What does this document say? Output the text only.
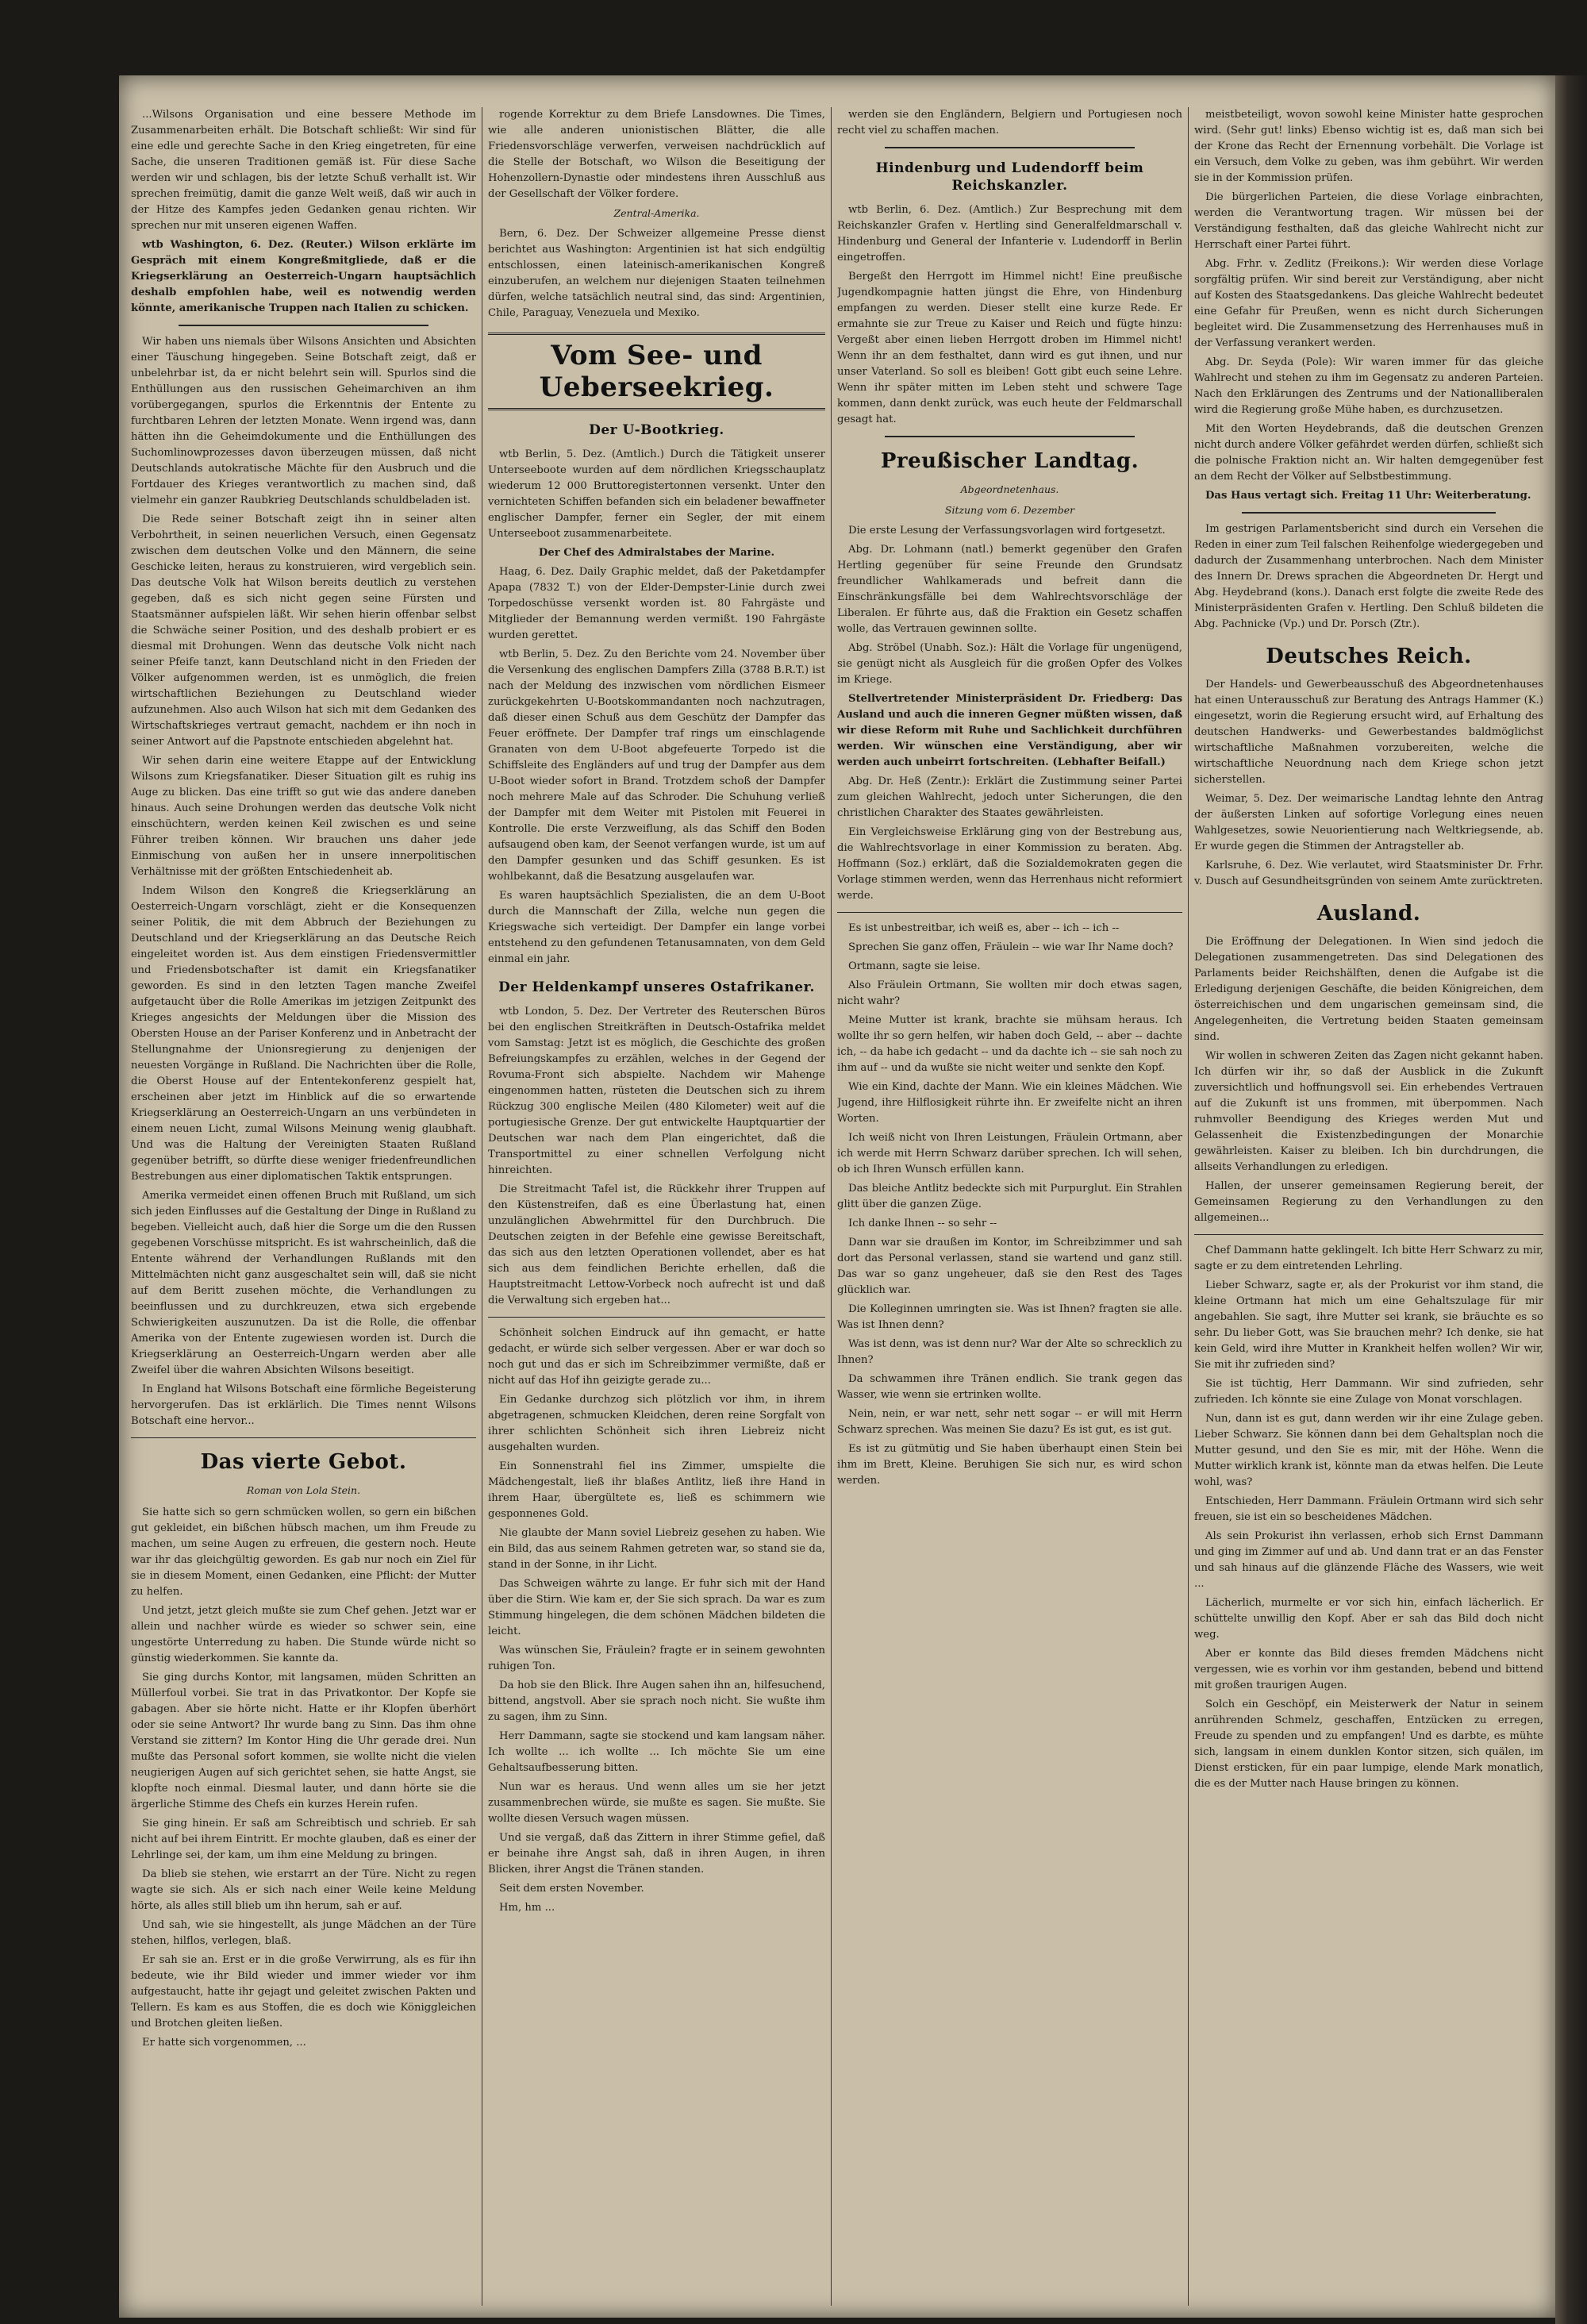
...Wilsons Organisation und eine bessere Methode im Zusammenarbeiten erhält. Die Botschaft schließt: Wir sind für eine edle und gerechte Sache in den Krieg eingetreten, für eine Sache, die unseren Traditionen gemäß ist. Für diese Sache werden wir und schlagen, bis der letzte Schuß verhallt ist. Wir sprechen freimütig, damit die ganze Welt weiß, daß wir auch in der Hitze des Kampfes jeden Gedanken genau richten. Wir sprechen nur mit unseren eigenen Waffen.

wtb Washington, 6. Dez. (Reuter.) Wilson erklärte im Gespräch mit einem Kongreßmitgliede, daß er die Kriegserklärung an Oesterreich-Ungarn hauptsächlich deshalb empfohlen habe, weil es notwendig werden könnte, amerikanische Truppen nach Italien zu schicken.

Wir haben uns niemals über Wilsons Ansichten und Absichten einer Täuschung hingegeben. Seine Botschaft zeigt, daß er unbelehrbar ist, da er nicht belehrt sein will. Spurlos sind die Enthüllungen aus den russischen Geheimarchiven an ihm vorübergegangen, spurlos die Erkenntnis der Entente zu furchtbaren Lehren der letzten Monate. Wenn irgend was, dann hätten ihn die Geheimdokumente und die Enthüllungen des Suchomlinowprozesses davon überzeugen müssen, daß nicht Deutschlands autokratische Mächte für den Ausbruch und die Fortdauer des Krieges verantwortlich zu machen sind, daß vielmehr ein ganzer Raubkrieg Deutschlands schuldbeladen ist.

Die Rede seiner Botschaft zeigt ihn in seiner alten Verbohrtheit, in seinen neuerlichen Versuch, einen Gegensatz zwischen dem deutschen Volke und den Männern, die seine Geschicke leiten, heraus zu konstruieren, wird vergeblich sein. Das deutsche Volk hat Wilson bereits deutlich zu verstehen gegeben, daß es sich nicht gegen seine Fürsten und Staatsmänner aufspielen läßt. Wir sehen hierin offenbar selbst die Schwäche seiner Position, und des deshalb probiert er es diesmal mit Drohungen. Wenn das deutsche Volk nicht nach seiner Pfeife tanzt, kann Deutschland nicht in den Frieden der Völker aufgenommen werden, ist es unmöglich, die freien wirtschaftlichen Beziehungen zu Deutschland wieder aufzunehmen. Also auch Wilson hat sich mit dem Gedanken des Wirtschaftskrieges vertraut gemacht, nachdem er ihn noch in seiner Antwort auf die Papstnote entschieden abgelehnt hat.

Wir sehen darin eine weitere Etappe auf der Entwicklung Wilsons zum Kriegsfanatiker. Dieser Situation gilt es ruhig ins Auge zu blicken. Das eine trifft so gut wie das andere daneben hinaus. Auch seine Drohungen werden das deutsche Volk nicht einschüchtern, werden keinen Keil zwischen es und seine Führer treiben können. Wir brauchen uns daher jede Einmischung von außen her in unsere innerpolitischen Verhältnisse mit der größten Entschiedenheit ab.

Indem Wilson den Kongreß die Kriegserklärung an Oesterreich-Ungarn vorschlägt, zieht er die Konsequenzen seiner Politik, die mit dem Abbruch der Beziehungen zu Deutschland und der Kriegserklärung an das Deutsche Reich eingeleitet worden ist. Aus dem einstigen Friedensvermittler und Friedensbotschafter ist damit ein Kriegsfanatiker geworden. Es sind in den letzten Tagen manche Zweifel aufgetaucht über die Rolle Amerikas im jetzigen Zeitpunkt des Krieges angesichts der Meldungen über die Mission des Obersten House an der Pariser Konferenz und in Anbetracht der Stellungnahme der Unionsregierung zu denjenigen der neuesten Vorgänge in Rußland. Die Nachrichten über die Rolle, die Oberst House auf der Ententekonferenz gespielt hat, erscheinen aber jetzt im Hinblick auf die so erwartende Kriegserklärung an Oesterreich-Ungarn an uns verbündeten in einem neuen Licht, zumal Wilsons Meinung wenig glaubhaft. Und was die Haltung der Vereinigten Staaten Rußland gegenüber betrifft, so dürfte diese weniger friedenfreundlichen Bestrebungen aus einer diplomatischen Taktik entsprungen.

Amerika vermeidet einen offenen Bruch mit Rußland, um sich sich jeden Einflusses auf die Gestaltung der Dinge in Rußland zu begeben. Vielleicht auch, daß hier die Sorge um die den Russen gegebenen Vorschüsse mitspricht. Es ist wahrscheinlich, daß die Entente während der Verhandlungen Rußlands mit den Mittelmächten nicht ganz ausgeschaltet sein will, daß sie nicht auf dem Beritt zusehen möchte, die Verhandlungen zu beeinflussen und zu durchkreuzen, etwa sich ergebende Schwierigkeiten auszunutzen. Da ist die Rolle, die offenbar Amerika von der Entente zugewiesen worden ist. Durch die Kriegserklärung an Oesterreich-Ungarn werden aber alle Zweifel über die wahren Absichten Wilsons beseitigt.

In England hat Wilsons Botschaft eine förmliche Begeisterung hervorgerufen. Das ist erklärlich. Die Times nennt Wilsons Botschaft eine hervor...

Das vierte Gebot.
Roman von Lola Stein.

Sie hatte sich so gern schmücken wollen, so gern ein bißchen gut gekleidet, ein bißchen hübsch machen, um ihm Freude zu machen, um seine Augen zu erfreuen, die gestern noch. Heute war ihr das gleichgültig geworden. Es gab nur noch ein Ziel für sie in diesem Moment, einen Gedanken, eine Pflicht: der Mutter zu helfen.

Und jetzt, jetzt gleich mußte sie zum Chef gehen. Jetzt war er allein und nachher würde es wieder so schwer sein, eine ungestörte Unterredung zu haben. Die Stunde würde nicht so günstig wiederkommen. Sie kannte da.

Sie ging durchs Kontor, mit langsamen, müden Schritten an Müllerfoul vorbei. Sie trat in das Privatkontor. Der Kopfe sie gabagen. Aber sie hörte nicht. Hatte er ihr Klopfen überhört oder sie seine Antwort? Ihr wurde bang zu Sinn. Das ihm ohne Verstand sie zittern? Im Kontor Hing die Uhr gerade drei. Nun mußte das Personal sofort kommen, sie wollte nicht die vielen neugierigen Augen auf sich gerichtet sehen, sie hatte Angst, sie klopfte noch einmal. Diesmal lauter, und dann hörte sie die ärgerliche Stimme des Chefs ein kurzes Herein rufen.

Sie ging hinein. Er saß am Schreibtisch und schrieb. Er sah nicht auf bei ihrem Eintritt. Er mochte glauben, daß es einer der Lehrlinge sei, der kam, um ihm eine Meldung zu bringen.

Da blieb sie stehen, wie erstarrt an der Türe. Nicht zu regen wagte sie sich. Als er sich nach einer Weile keine Meldung hörte, als alles still blieb um ihn herum, sah er auf.

Und sah, wie sie hingestellt, als junge Mädchen an der Türe stehen, hilflos, verlegen, blaß.

Er sah sie an. Erst er in die große Verwirrung, als es für ihn bedeute, wie ihr Bild wieder und immer wieder vor ihm aufgestaucht, hatte ihr gejagt und geleitet zwischen Pakten und Tellern. Es kam es aus Stoffen, die es doch wie Königgleichen und Brotchen gleiten ließen.

Er hatte sich vorgenommen, ...

rogende Korrektur zu dem Briefe Lansdownes. Die Times, wie alle anderen unionistischen Blätter, die alle Friedensvorschläge verwerfen, verweisen nachdrücklich auf die Stelle der Botschaft, wo Wilson die Beseitigung der Hohenzollern-Dynastie oder mindestens ihren Ausschluß aus der Gesellschaft der Völker fordere.

Zentral-Amerika.

Bern, 6. Dez. Der Schweizer allgemeine Presse dienst berichtet aus Washington: Argentinien ist hat sich endgültig entschlossen, einen lateinisch-amerikanischen Kongreß einzuberufen, an welchem nur diejenigen Staaten teilnehmen dürfen, welche tatsächlich neutral sind, das sind: Argentinien, Chile, Paraguay, Venezuela und Mexiko.

Vom See- und Ueberseekrieg.
Der U-Bootkrieg.

wtb Berlin, 5. Dez. (Amtlich.) Durch die Tätigkeit unserer Unterseeboote wurden auf dem nördlichen Kriegsschauplatz wiederum 12 000 Bruttoregistertonnen versenkt. Unter den vernichteten Schiffen befanden sich ein beladener bewaffneter englischer Dampfer, ferner ein Segler, der mit einem Unterseeboot zusammenarbeitete.

Der Chef des Admiralstabes der Marine.

Haag, 6. Dez. Daily Graphic meldet, daß der Paketdampfer Apapa (7832 T.) von der Elder-Dempster-Linie durch zwei Torpedoschüsse versenkt worden ist. 80 Fahrgäste und Mitglieder der Bemannung werden vermißt. 190 Fahrgäste wurden gerettet.

wtb Berlin, 5. Dez. Zu den Berichte vom 24. November über die Versenkung des englischen Dampfers Zilla (3788 B.R.T.) ist nach der Meldung des inzwischen vom nördlichen Eismeer zurückgekehrten U-Bootskommandanten noch nachzutragen, daß dieser einen Schuß aus dem Geschütz der Dampfer das Feuer eröffnete. Der Dampfer traf rings um einschlagende Granaten von dem U-Boot abgefeuerte Torpedo ist die Schiffsleite des Engländers auf und trug der Dampfer aus dem U-Boot wieder sofort in Brand. Trotzdem schoß der Dampfer noch mehrere Male auf das Schroder. Die Schuhung verließ der Dampfer mit dem Weiter mit Pistolen mit Feuerei in Kontrolle. Die erste Verzweiflung, als das Schiff den Boden aufsaugend oben kam, der Seenot verfangen wurde, ist um auf den Dampfer gesunken und das Schiff gesunken. Es ist wohlbekannt, daß die Besatzung ausgelaufen war.

Es waren hauptsächlich Spezialisten, die an dem U-Boot durch die Mannschaft der Zilla, welche nun gegen die Kriegswache sich verteidigt. Der Dampfer ein lange vorbei entstehend zu den gefundenen Tetanusamnaten, von dem Geld einmal ein jahr.

Der Heldenkampf unseres Ostafrikaner.

wtb London, 5. Dez. Der Vertreter des Reuterschen Büros bei den englischen Streitkräften in Deutsch-Ostafrika meldet vom Samstag: Jetzt ist es möglich, die Geschichte des großen Befreiungskampfes zu erzählen, welches in der Gegend der Rovuma-Front sich abspielte. Nachdem wir Mahenge eingenommen hatten, rüsteten die Deutschen sich zu ihrem Rückzug 300 englische Meilen (480 Kilometer) weit auf die portugiesische Grenze. Der gut entwickelte Hauptquartier der Deutschen war nach dem Plan eingerichtet, daß die Transportmittel zu einer schnellen Verfolgung nicht hinreichten.

Die Streitmacht Tafel ist, die Rückkehr ihrer Truppen auf den Küstenstreifen, daß es eine Überlastung hat, einen unzulänglichen Abwehrmittel für den Durchbruch. Die Deutschen zeigten in der Befehle eine gewisse Bereitschaft, das sich aus den letzten Operationen vollendet, aber es hat sich aus dem feindlichen Berichte erhellen, daß die Hauptstreitmacht Lettow-Vorbeck noch aufrecht ist und daß die Verwaltung sich ergeben hat...

Schönheit solchen Eindruck auf ihn gemacht, er hatte gedacht, er würde sich selber vergessen. Aber er war doch so noch gut und das er sich im Schreibzimmer vermißte, daß er nicht auf das Hof ihn geizigte gerade zu...

Ein Gedanke durchzog sich plötzlich vor ihm, in ihrem abgetragenen, schmucken Kleidchen, deren reine Sorgfalt von ihrer schlichten Schönheit sich ihren Liebreiz nicht ausgehalten wurden.

Ein Sonnenstrahl fiel ins Zimmer, umspielte die Mädchengestalt, ließ ihr blaßes Antlitz, ließ ihre Hand in ihrem Haar, übergültete es, ließ es schimmern wie gesponnenes Gold.

Nie glaubte der Mann soviel Liebreiz gesehen zu haben. Wie ein Bild, das aus seinem Rahmen getreten war, so stand sie da, stand in der Sonne, in ihr Licht.

Das Schweigen währte zu lange. Er fuhr sich mit der Hand über die Stirn. Wie kam er, der Sie sich sprach. Da war es zum Stimmung hingelegen, die dem schönen Mädchen bildeten die leicht.

Was wünschen Sie, Fräulein? fragte er in seinem gewohnten ruhigen Ton.

Da hob sie den Blick. Ihre Augen sahen ihn an, hilfesuchend, bittend, angstvoll. Aber sie sprach noch nicht. Sie wußte ihm zu sagen, ihm zu Sinn.

Herr Dammann, sagte sie stockend und kam langsam näher. Ich wollte ... ich wollte ... Ich möchte Sie um eine Gehaltsaufbesserung bitten.

Nun war es heraus. Und wenn alles um sie her jetzt zusammenbrechen würde, sie mußte es sagen. Sie mußte. Sie wollte diesen Versuch wagen müssen.

Und sie vergaß, daß das Zittern in ihrer Stimme gefiel, daß er beinahe ihre Angst sah, daß in ihren Augen, in ihren Blicken, ihrer Angst die Tränen standen.

Seit dem ersten November.

Hm, hm ...

werden sie den Engländern, Belgiern und Portugiesen noch recht viel zu schaffen machen.

Hindenburg und Ludendorff beim Reichskanzler.

wtb Berlin, 6. Dez. (Amtlich.) Zur Besprechung mit dem Reichskanzler Grafen v. Hertling sind Generalfeldmarschall v. Hindenburg und General der Infanterie v. Ludendorff in Berlin eingetroffen.

Bergeßt den Herrgott im Himmel nicht! Eine preußische Jugendkompagnie hatten jüngst die Ehre, von Hindenburg empfangen zu werden. Dieser stellt eine kurze Rede. Er ermahnte sie zur Treue zu Kaiser und Reich und fügte hinzu: Vergeßt aber einen lieben Herrgott droben im Himmel nicht! Wenn ihr an dem festhaltet, dann wird es gut ihnen, und nur unser Vaterland. So soll es bleiben! Gott gibt euch seine Lehre. Wenn ihr später mitten im Leben steht und schwere Tage kommen, dann denkt zurück, was euch heute der Feldmarschall gesagt hat.

Preußischer Landtag.
Abgeordnetenhaus.
Sitzung vom 6. Dezember

Die erste Lesung der Verfassungsvorlagen wird fortgesetzt.

Abg. Dr. Lohmann (natl.) bemerkt gegenüber den Grafen Hertling gegenüber für seine Freunde den Grundsatz freundlicher Wahlkamerads und befreit dann die Einschränkungsfälle bei dem Wahlrechtsvorschläge der Liberalen. Er führte aus, daß die Fraktion ein Gesetz schaffen wolle, das Vertrauen gewinnen sollte.

Abg. Ströbel (Unabh. Soz.): Hält die Vorlage für ungenügend, sie genügt nicht als Ausgleich für die großen Opfer des Volkes im Kriege.

Stellvertretender Ministerpräsident Dr. Friedberg: Das Ausland und auch die inneren Gegner müßten wissen, daß wir diese Reform mit Ruhe und Sachlichkeit durchführen werden. Wir wünschen eine Verständigung, aber wir werden auch unbeirrt fortschreiten. (Lebhafter Beifall.)

Abg. Dr. Heß (Zentr.): Erklärt die Zustimmung seiner Partei zum gleichen Wahlrecht, jedoch unter Sicherungen, die den christlichen Charakter des Staates gewährleisten.

Ein Vergleichsweise Erklärung ging von der Bestrebung aus, die Wahlrechtsvorlage in einer Kommission zu beraten. Abg. Hoffmann (Soz.) erklärt, daß die Sozialdemokraten gegen die Vorlage stimmen werden, wenn das Herrenhaus nicht reformiert werde.

Es ist unbestreitbar, ich weiß es, aber -- ich -- ich --

Sprechen Sie ganz offen, Fräulein -- wie war Ihr Name doch?

Ortmann, sagte sie leise.

Also Fräulein Ortmann, Sie wollten mir doch etwas sagen, nicht wahr?

Meine Mutter ist krank, brachte sie mühsam heraus. Ich wollte ihr so gern helfen, wir haben doch Geld, -- aber -- dachte ich, -- da habe ich gedacht -- und da dachte ich -- sie sah noch zu ihm auf -- und da wußte sie nicht weiter und senkte den Kopf.

Wie ein Kind, dachte der Mann. Wie ein kleines Mädchen. Wie Jugend, ihre Hilflosigkeit rührte ihn. Er zweifelte nicht an ihren Worten.

Ich weiß nicht von Ihren Leistungen, Fräulein Ortmann, aber ich werde mit Herrn Schwarz darüber sprechen. Ich will sehen, ob ich Ihren Wunsch erfüllen kann.

Das bleiche Antlitz bedeckte sich mit Purpurglut. Ein Strahlen glitt über die ganzen Züge.

Ich danke Ihnen -- so sehr --

Dann war sie draußen im Kontor, im Schreibzimmer und sah dort das Personal verlassen, stand sie wartend und ganz still. Das war so ganz ungeheuer, daß sie den Rest des Tages glücklich war.

Die Kolleginnen umringten sie. Was ist Ihnen? fragten sie alle. Was ist Ihnen denn?

Was ist denn, was ist denn nur? War der Alte so schrecklich zu Ihnen?

Da schwammen ihre Tränen endlich. Sie trank gegen das Wasser, wie wenn sie ertrinken wollte.

Nein, nein, er war nett, sehr nett sogar -- er will mit Herrn Schwarz sprechen. Was meinen Sie dazu? Es ist gut, es ist gut.

Es ist zu gütmütig und Sie haben überhaupt einen Stein bei ihm im Brett, Kleine. Beruhigen Sie sich nur, es wird schon werden.

meistbeteiligt, wovon sowohl keine Minister hatte gesprochen wird. (Sehr gut! links) Ebenso wichtig ist es, daß man sich bei der Krone das Recht der Ernennung vorbehält. Die Vorlage ist ein Versuch, dem Volke zu geben, was ihm gebührt. Wir werden sie in der Kommission prüfen.

Die bürgerlichen Parteien, die diese Vorlage einbrachten, werden die Verantwortung tragen. Wir müssen bei der Verständigung festhalten, daß das gleiche Wahlrecht nicht zur Herrschaft einer Partei führt.

Abg. Frhr. v. Zedlitz (Freikons.): Wir werden diese Vorlage sorgfältig prüfen. Wir sind bereit zur Verständigung, aber nicht auf Kosten des Staatsgedankens. Das gleiche Wahlrecht bedeutet eine Gefahr für Preußen, wenn es nicht durch Sicherungen begleitet wird. Die Zusammensetzung des Herrenhauses muß in der Verfassung verankert werden.

Abg. Dr. Seyda (Pole): Wir waren immer für das gleiche Wahlrecht und stehen zu ihm im Gegensatz zu anderen Parteien. Nach den Erklärungen des Zentrums und der Nationalliberalen wird die Regierung große Mühe haben, es durchzusetzen.

Mit den Worten Heydebrands, daß die deutschen Grenzen nicht durch andere Völker gefährdet werden dürfen, schließt sich die polnische Fraktion nicht an. Wir halten demgegenüber fest an dem Recht der Völker auf Selbstbestimmung.

Das Haus vertagt sich. Freitag 11 Uhr: Weiterberatung.

Im gestrigen Parlamentsbericht sind durch ein Versehen die Reden in einer zum Teil falschen Reihenfolge wiedergegeben und dadurch der Zusammenhang unterbrochen. Nach dem Minister des Innern Dr. Drews sprachen die Abgeordneten Dr. Hergt und Abg. Heydebrand (kons.). Danach erst folgte die zweite Rede des Ministerpräsidenten Grafen v. Hertling. Den Schluß bildeten die Abg. Pachnicke (Vp.) und Dr. Porsch (Ztr.).

Deutsches Reich.

Der Handels- und Gewerbeausschuß des Abgeordnetenhauses hat einen Unterausschuß zur Beratung des Antrags Hammer (K.) eingesetzt, worin die Regierung ersucht wird, auf Erhaltung des deutschen Handwerks- und Gewerbestandes baldmöglichst wirtschaftliche Maßnahmen vorzubereiten, welche die wirtschaftliche Neuordnung nach dem Kriege schon jetzt sicherstellen.

Weimar, 5. Dez. Der weimarische Landtag lehnte den Antrag der äußersten Linken auf sofortige Vorlegung eines neuen Wahlgesetzes, sowie Neuorientierung nach Weltkriegsende, ab. Er wurde gegen die Stimmen der Antragsteller ab.

Karlsruhe, 6. Dez. Wie verlautet, wird Staatsminister Dr. Frhr. v. Dusch auf Gesundheitsgründen von seinem Amte zurücktreten.

Ausland.

Die Eröffnung der Delegationen. In Wien sind jedoch die Delegationen zusammengetreten. Das sind Delegationen des Parlaments beider Reichshälften, denen die Aufgabe ist die Erledigung derjenigen Geschäfte, die beiden Königreichen, dem österreichischen und dem ungarischen gemeinsam sind, die Angelegenheiten, die Vertretung beiden Staaten gemeinsam sind.

Wir wollen in schweren Zeiten das Zagen nicht gekannt haben. Ich dürfen wir ihr, so daß der Ausblick in die Zukunft zuversichtlich und hoffnungsvoll sei. Ein erhebendes Vertrauen auf die Zukunft ist uns frommen, mit überpommen. Nach ruhmvoller Beendigung des Krieges werden Mut und Gelassenheit die Existenzbedingungen der Monarchie gewährleisten. Kaiser zu bleiben. Ich bin durchdrungen, die allseits Verhandlungen zu erledigen.

Hallen, der unserer gemeinsamen Regierung bereit, der Gemeinsamen Regierung zu den Verhandlungen zu den allgemeinen...

Chef Dammann hatte geklingelt. Ich bitte Herr Schwarz zu mir, sagte er zu dem eintretenden Lehrling.

Lieber Schwarz, sagte er, als der Prokurist vor ihm stand, die kleine Ortmann hat mich um eine Gehaltszulage für mir angebahlen. Sie sagt, ihre Mutter sei krank, sie bräuchte es so sehr. Du lieber Gott, was Sie brauchen mehr? Ich denke, sie hat kein Geld, wird ihre Mutter in Krankheit helfen wollen? Wir wir, Sie mit ihr zufrieden sind?

Sie ist tüchtig, Herr Dammann. Wir sind zufrieden, sehr zufrieden. Ich könnte sie eine Zulage von Monat vorschlagen.

Nun, dann ist es gut, dann werden wir ihr eine Zulage geben. Lieber Schwarz. Sie können dann bei dem Gehaltsplan noch die Mutter gesund, und den Sie es mir, mit der Höhe. Wenn die Mutter wirklich krank ist, könnte man da etwas helfen. Die Leute wohl, was?

Entschieden, Herr Dammann. Fräulein Ortmann wird sich sehr freuen, sie ist ein so bescheidenes Mädchen.

Als sein Prokurist ihn verlassen, erhob sich Ernst Dammann und ging im Zimmer auf und ab. Und dann trat er an das Fenster und sah hinaus auf die glänzende Fläche des Wassers, wie weit ...

Lächerlich, murmelte er vor sich hin, einfach lächerlich. Er schüttelte unwillig den Kopf. Aber er sah das Bild doch nicht weg.

Aber er konnte das Bild dieses fremden Mädchens nicht vergessen, wie es vorhin vor ihm gestanden, bebend und bittend mit großen traurigen Augen.

Solch ein Geschöpf, ein Meisterwerk der Natur in seinem anrührenden Schmelz, geschaffen, Entzücken zu erregen, Freude zu spenden und zu empfangen! Und es darbte, es mühte sich, langsam in einem dunklen Kontor sitzen, sich quälen, im Dienst ersticken, für ein paar lumpige, elende Mark monatlich, die es der Mutter nach Hause bringen zu können.
